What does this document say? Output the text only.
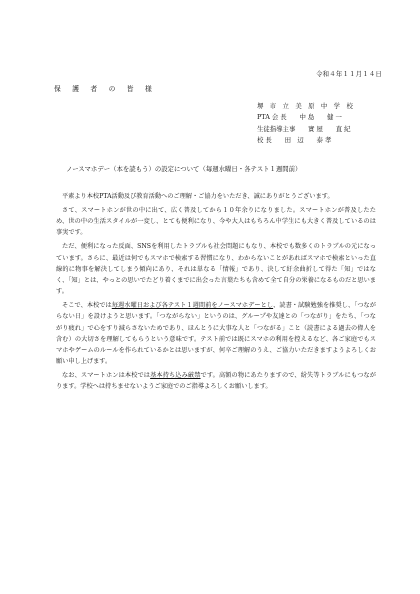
令和４年１１月１４日
保　護　者　の　皆　様
堺　市　立　美　原　中　学　校
PTA 会 長　　中 島　　健 一
生徒指導主事　　實 屋　　直 紀
校 長　　田　辺　　泰 孝
ノースマホデー（本を読もう）の設定について（毎週水曜日・各テスト１週間前）

平素より本校PTA活動及び教育活動へのご理解・ご協力をいただき、誠にありがとうございます。

さて、スマートホンが世の中に出て、広く普及してから１０年余りになりました。スマートホンが普及したため、世の中の生活スタイルが一変し、とても便利になり、今や大人はもちろん中学生にも大きく普及しているのは事実です。

ただ、便利になった反面、SNSを利用したトラブルも社会問題にもなり、本校でも数多くのトラブルの元になっています。さらに、最近は何でもスマホで検索する習慣になり、わからないことがあればスマホで検索といった直線的に物事を解決してしまう傾向にあり、それは単なる「情報」であり、決して紆余曲折して得た「知」ではなく、「知」とは、やっとの思いでたどり着くまでに出会った言葉たちも含めて全て自分の栄養になるものだと思います。

そこで、本校では毎週水曜日および各テスト１週間前をノースマホデーとし、読書・試験勉強を推奨し、「つながらない日」を設けようと思います。「つながらない」というのは、グループや友達との「つながり」をたち、「つながり疲れ」で心をすり減らさないためであり、ほんとうに大事な人と「つながる」こと（読書による過去の偉人を含む）の大切さを理解してもらうという意味です。テスト前では既にスマホの利用を控えるなど、各ご家庭でもスマホやゲームのルールを作られているかとは思いますが、何卒ご理解のうえ、ご協力いただきますようよろしくお願い申し上げます。

なお、スマートホンは本校では基本持ち込み厳禁です。高額の物にあたりますので、紛失等トラブルにもつながります。学校へは持ちませないようご家庭でのご指導よろしくお願いします。
